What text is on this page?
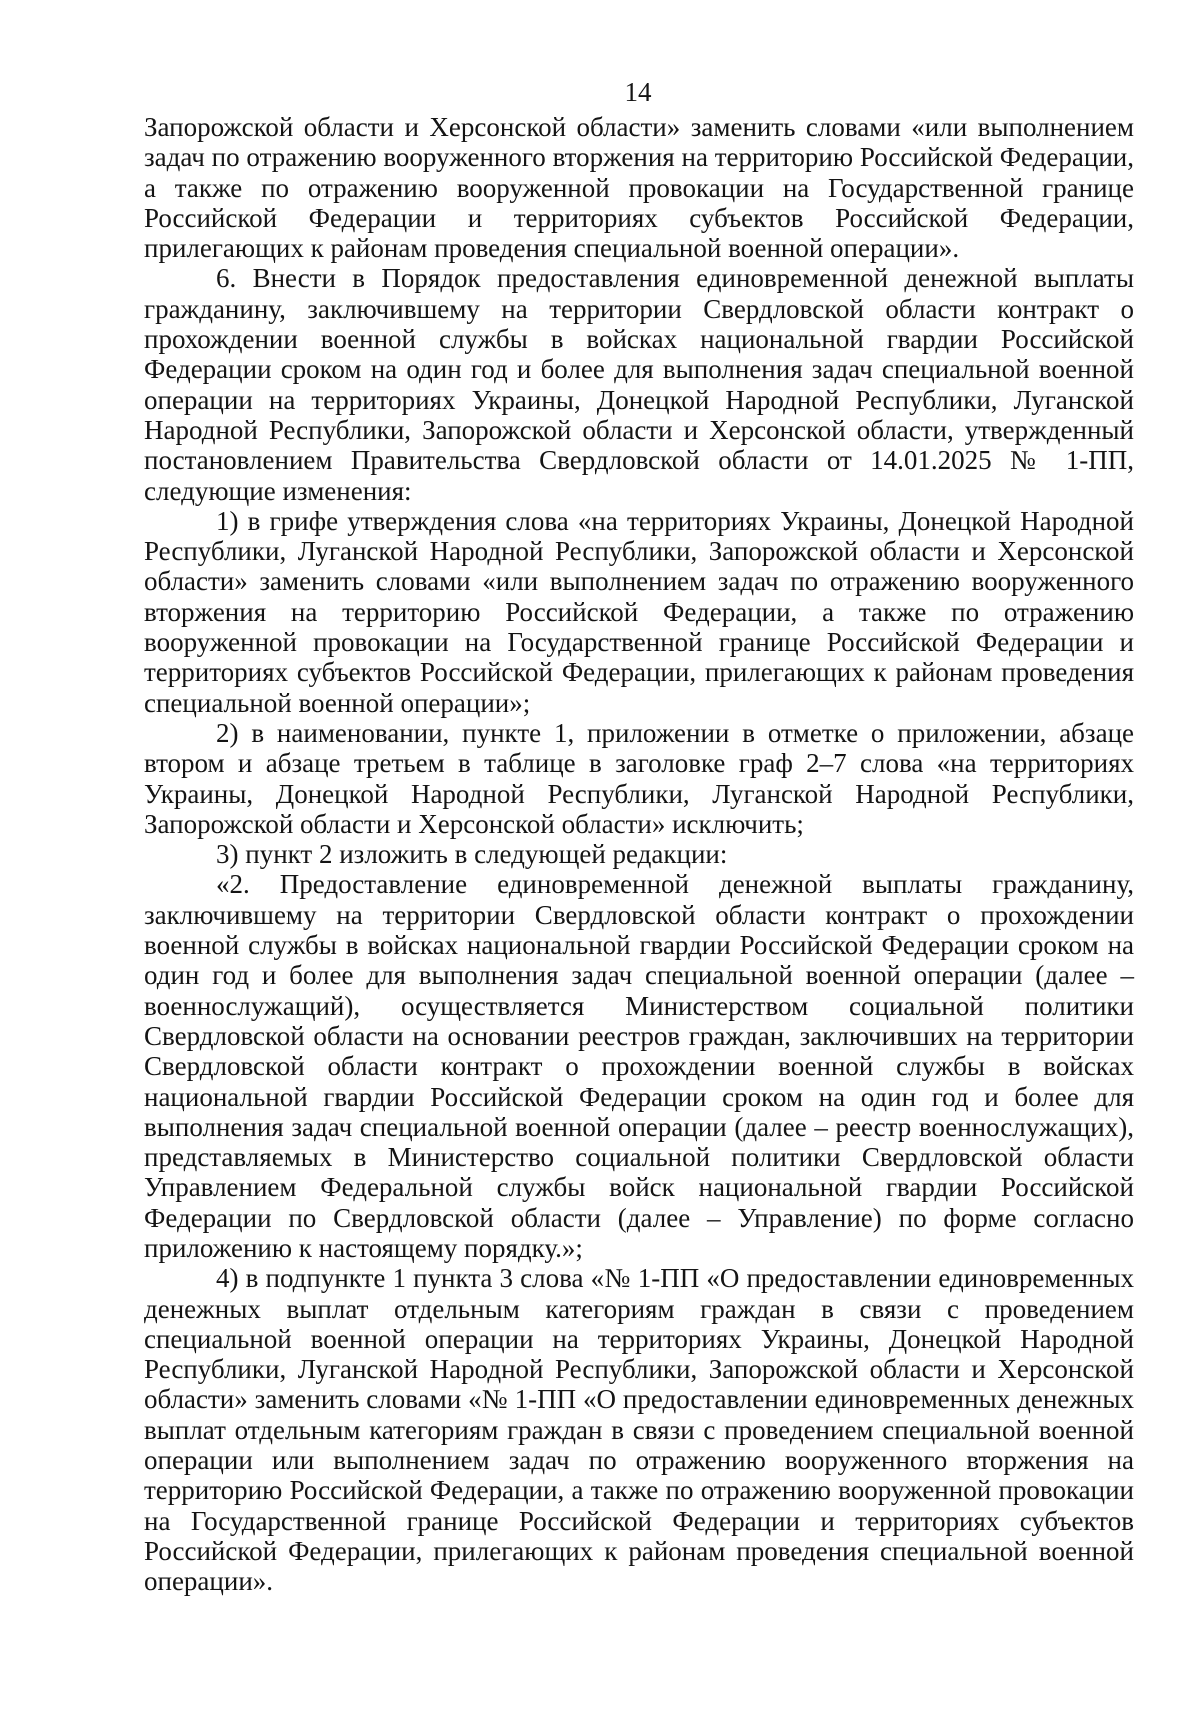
14

Запорожской области и Херсонской области» заменить словами «или выполнением задач по отражению вооруженного вторжения на территорию Российской Федерации, а также по отражению вооруженной провокации на Государственной границе Российской Федерации и территориях субъектов Российской Федерации, прилегающих к районам проведения специальной военной операции».

6. Внести в Порядок предоставления единовременной денежной выплаты гражданину, заключившему на территории Свердловской области контракт о прохождении военной службы в войсках национальной гвардии Российской Федерации сроком на один год и более для выполнения задач специальной военной операции на территориях Украины, Донецкой Народной Республики, Луганской Народной Республики, Запорожской области и Херсонской области, утвержденный постановлением Правительства Свердловской области от 14.01.2025 № 1-ПП, следующие изменения:

1) в грифе утверждения слова «на территориях Украины, Донецкой Народной Республики, Луганской Народной Республики, Запорожской области и Херсонской области» заменить словами «или выполнением задач по отражению вооруженного вторжения на территорию Российской Федерации, а также по отражению вооруженной провокации на Государственной границе Российской Федерации и территориях субъектов Российской Федерации, прилегающих к районам проведения специальной военной операции»;

2) в наименовании, пункте 1, приложении в отметке о приложении, абзаце втором и абзаце третьем в таблице в заголовке граф 2–7 слова «на территориях Украины, Донецкой Народной Республики, Луганской Народной Республики, Запорожской области и Херсонской области» исключить;

3) пункт 2 изложить в следующей редакции:

«2. Предоставление единовременной денежной выплаты гражданину, заключившему на территории Свердловской области контракт о прохождении военной службы в войсках национальной гвардии Российской Федерации сроком на один год и более для выполнения задач специальной военной операции (далее – военнослужащий), осуществляется Министерством социальной политики Свердловской области на основании реестров граждан, заключивших на территории Свердловской области контракт о прохождении военной службы в войсках национальной гвардии Российской Федерации сроком на один год и более для выполнения задач специальной военной операции (далее – реестр военнослужащих), представляемых в Министерство социальной политики Свердловской области Управлением Федеральной службы войск национальной гвардии Российской Федерации по Свердловской области (далее – Управление) по форме согласно приложению к настоящему порядку.»;

4) в подпункте 1 пункта 3 слова «№ 1-ПП «О предоставлении единовременных денежных выплат отдельным категориям граждан в связи с проведением специальной военной операции на территориях Украины, Донецкой Народной Республики, Луганской Народной Республики, Запорожской области и Херсонской области» заменить словами «№ 1-ПП «О предоставлении единовременных денежных выплат отдельным категориям граждан в связи с проведением специальной военной операции или выполнением задач по отражению вооруженного вторжения на территорию Российской Федерации, а также по отражению вооруженной провокации на Государственной границе Российской Федерации и территориях субъектов Российской Федерации, прилегающих к районам проведения специальной военной операции».
